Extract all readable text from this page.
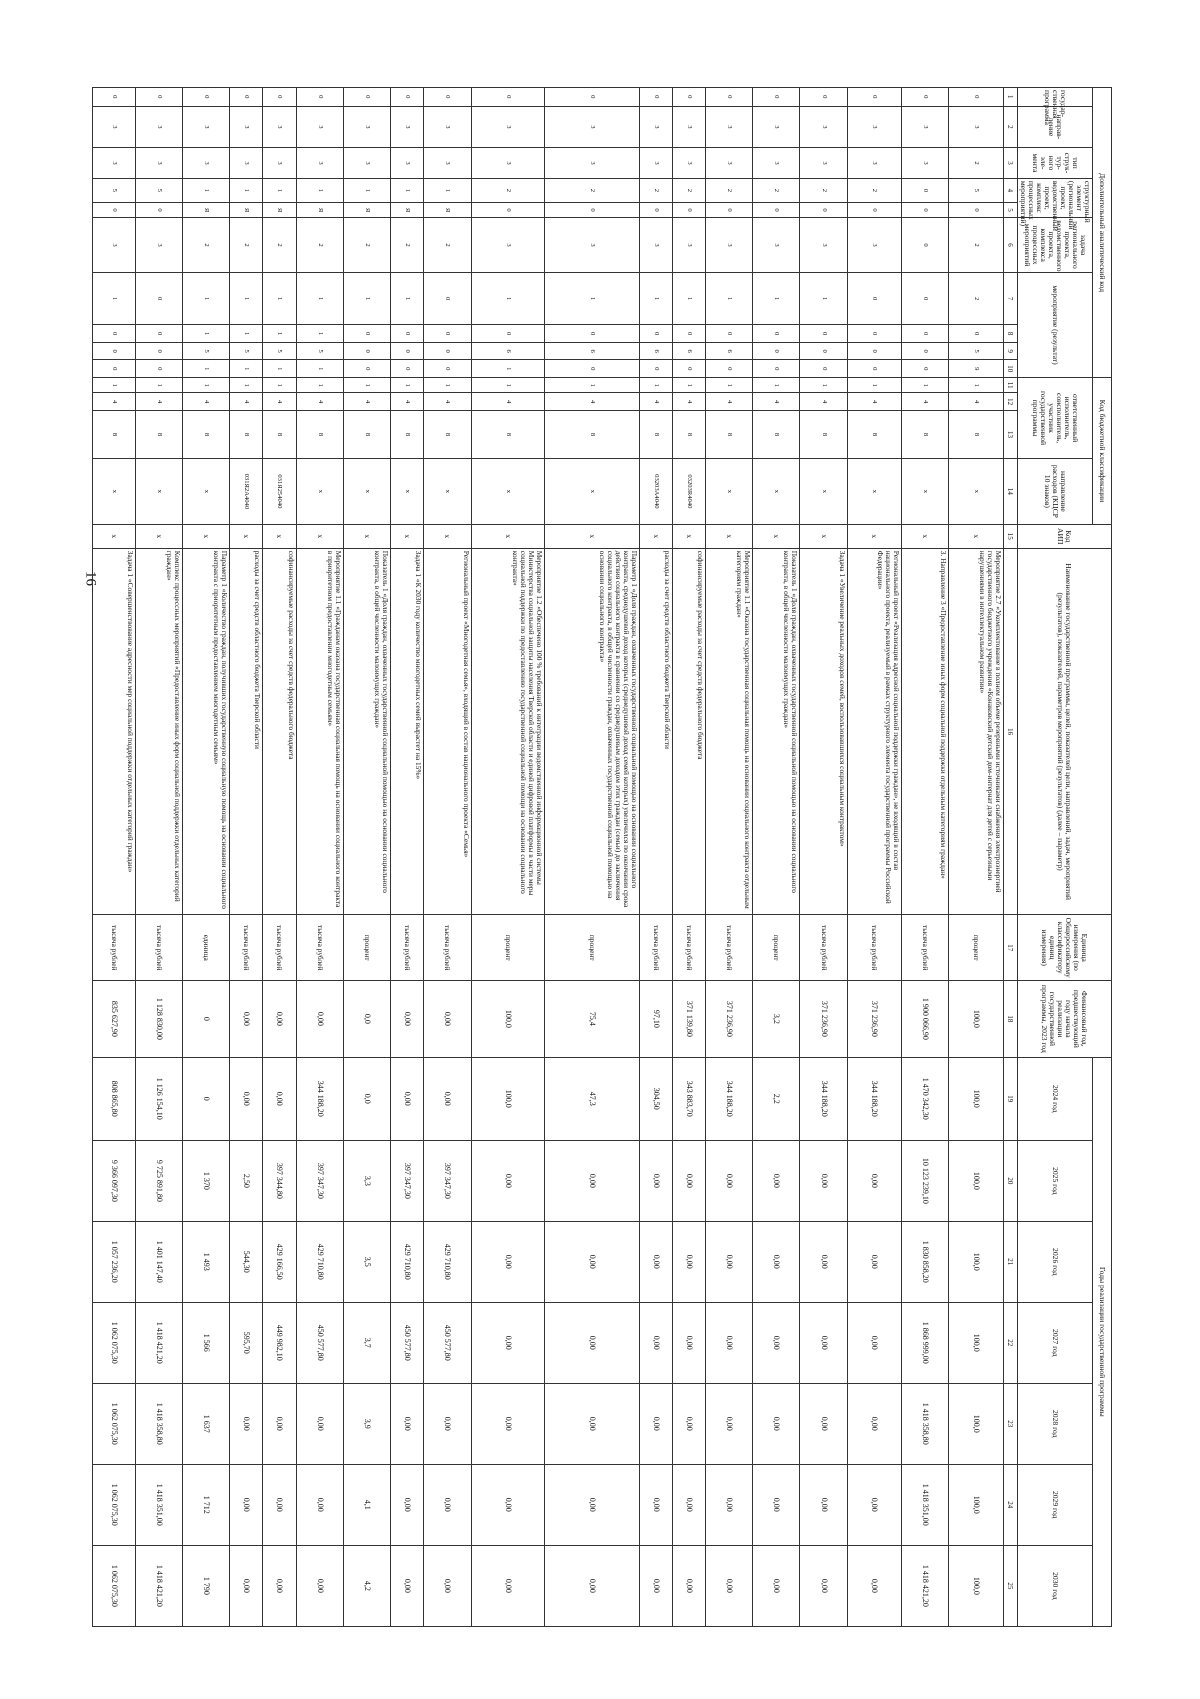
16
Дополнительный аналитический код										Код бюджетной классификации				Код АИП	Наименование государственной программы, целей, показателей цели, направлений, задач, мероприятий (результатов), показателей, параметров мероприятий (результатов) (далее – параметр)	Единица измерения (по Общероссийскому классификатору единиц измерения)	Финансовый год, предшествующий году начала реализации государственной программы, 2023 год	Годы реализации государственной программы						
государ-ственная программа	направ-ление	тип струк-тур-ного эле-мента	структурный элемент (региональный проект, ведомственный проект, комплекс процессных мероприятий)		задача регионального проекта, ведомственного проекта, комплекса процессных мероприятий	мероприятие (результат)				ответственный исполнитель, соисполнитель, участник государственной программы			направление расходов (КЦСР 10 знаков)					2024 год	2025 год	2026 год	2027 год	2028 год	2029 год	2030 год
1	2	3	4	5	6	7	8	9	10	11	12	13	14	15	16	17	18	19	20	21	22	23	24	25
0	3	2	5	0	2	2	0	5	9	1	4	8	x	x	Мероприятие 2.7 «Укомплектование в полном объеме резервными источниками снабжения электроэнергией государственного бюджетного учреждения «Конаковский детский дом-интернат для детей с серьезными нарушениями в интеллектуальном развитии»	процент	100,0	100,0	100,0	100,0	100,0	100,0	100,0	100,0
0	3	3	0	0	0	0	0	0	0	1	4	8	x	x	3. Направление 3 «Предоставление иных форм социальной поддержки отдельным категориям граждан»	тысяча рублей	1 900 066,90	1 470 342,30	10 123 239,10	1 830 858,20	1 868 999,00	1 418 358,80	1 418 351,00	1 418 421,20
0	3	3	2	0	3	0	0	0	0	1	4	8	x	x	Региональный проект «Реализация адресной социальной поддержки граждан», не входящий в состав национального проекта, реализуемый в рамках структурного элемента государственной программы Российской Федерации»	тысяча рублей	371 236,90	344 188,20	0,00	0,00	0,00	0,00	0,00	0,00
0	3	3	2	0	3	1	0	0	0	1	4	8	x	x	Задача 1 «Увеличение реальных доходов семей, воспользовавшихся социальным контрактом»	тысяча рублей	371 236,90	344 188,20	0,00	0,00	0,00	0,00	0,00	0,00
0	3	3	2	0	3	1	0	0	0	1	4	8	x	x	Показатель 1 «Доля граждан, охваченных государственной социальной помощью на основании социального контракта, в общей численности малоимущих граждан»	процент	3,2	2,2	0,00	0,00	0,00	0,00	0,00	0,00
0	3	3	2	0	3	1	0	6	0	1	4	8	x	x	Мероприятие 1.1 «Оказана государственная социальная помощь на основании социального контракта отдельным категориям граждан»	тысяча рублей	371 236,90	344 188,20	0,00	0,00	0,00	0,00	0,00	0,00
0	3	3	2	0	3	1	0	6	0	1	4	8	03203R4040	x	софинансируемые расходы за счет средств федерального бюджета	тысяча рублей	371 139,80	343 883,70	0,00	0,00	0,00	0,00	0,00	0,00
0	3	3	2	0	3	1	0	6	0	1	4	8	03203А4040	x	расходы за счет средств областного бюджета Тверской области	тысяча рублей	97,10	304,50	0,00	0,00	0,00	0,00	0,00	0,00
0	3	3	2	0	3	1	0	6	0	1	4	8	x	x	Параметр 1 «Доля граждан, охваченных государственной социальной помощью на основании социального контракта, среднедушевой доход которых (среднедушевой доход семей которых) увеличился по окончании срока действия социального контракта в сравнении со среднедушевым доходом этих граждан (семьи) до заключения социального контракта, в общей численности граждан, охваченных государственной социальной помощью на основании социального контракта»	процент	75,4	47,3	0,00	0,00	0,00	0,00	0,00	0,00
0	3	3	2	0	3	1	0	6	1	1	4	8	x	x	Мероприятие 1.2 «Обеспечено 100 % требований к интеграции ведомственной информационной системы Министерства социальной защиты населения Тверской области и единой цифровой платформы в части меры социальной поддержки по предоставлению государственной социальной помощи на основании социального контракта»	процент	100,0	100,0	0,00	0,00	0,00	0,00	0,00	0,00
0	3	3	1	Я	2	0	0	0	0	1	4	8	x	x	Региональный проект «Многодетная семья», входящий в состав национального проекта «Семья»	тысяча рублей	0,00	0,00	397 347,30	429 710,80	450 577,80	0,00	0,00	0,00
0	3	3	1	Я	2	1	0	0	0	1	4	8	x	x	Задача 1 «К 2030 году количество многодетных семей вырастет на 15%»	тысяча рублей	0,00	0,00	397 347,30	429 710,80	450 577,80	0,00	0,00	0,00
0	3	3	1	Я	2	1	0	0	0	1	4	8	x	x	Показатель 1 «Доля граждан, охваченных государственной социальной помощью на основании социального контракта, в общей численности малоимущих граждан»	процент	0,0	0,0	3,3	3,5	3,7	3,9	4,1	4,2
0	3	3	1	Я	2	1	1	5	1	1	4	8	x	x	Мероприятие 1.1 «Гражданам оказана государственная социальная помощь на основании социального контракта в приоритетном предоставлении многодетным семьям»	тысяча рублей	0,00	344 188,20	397 347,30	429 710,80	450 577,80	0,00	0,00	0,00
0	3	3	1	Я	2	1	1	5	1	1	4	8	031Я254040	x	софинансируемые расходы за счет средств федерального бюджета	тысяча рублей	0,00	0,00	397 344,80	429 166,50	449 982,10	0,00	0,00	0,00
0	3	3	1	Я	2	1	1	5	1	1	4	8	031Я2А4040	x	расходы за счет средств областного бюджета Тверской области	тысяча рублей	0,00	0,00	2,50	544,30	595,70	0,00	0,00	0,00
0	3	3	1	Я	2	1	1	5	1	1	4	8	x	x	Параметр 1 «Количество граждан, получивших государственную социальную помощь на основании социального контракта с приоритетным предоставлением многодетным семьям»	единица	0	0	1 370	1 493	1 566	1 637	1 712	1 790
0	3	3	5	0	3	0	0	0	0	1	4	8	x	x	Комплекс процессных мероприятий «Предоставление иных форм социальной поддержки отдельных категорий граждан»	тысяча рублей	1 128 830,00	1 126 154,10	9 725 891,80	1 401 147,40	1 418 421,20	1 418 358,80	1 418 351,00	1 418 421,20
0	3	3	5	0	3	1	0	0	0	1	4	8	x	x	Задача 1 «Совершенствование адресности мер социальной поддержки отдельных категорий граждан»	тысяча рублей	835 627,90	808 865,80	9 366 097,30	1 057 236,20	1 062 075,30	1 062 075,30	1 062 075,30	1 062 075,30
